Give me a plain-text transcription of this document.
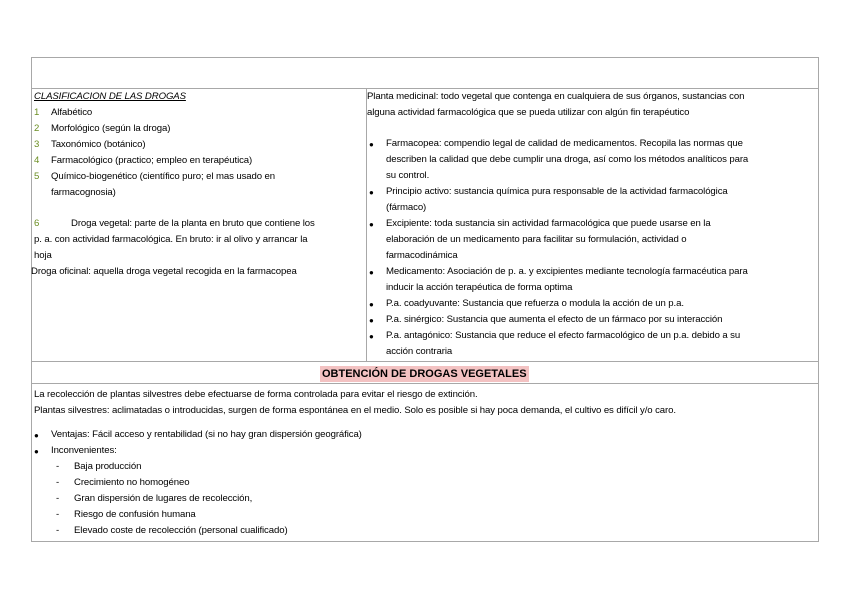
CLASIFICACION DE LAS DROGAS
1 Alfabético
2 Morfológico (según la droga)
3 Taxonómico (botánico)
4 Farmacológico (practico; empleo en terapéutica)
5 Químico-biogenético (científico puro; el mas usado en
farmacognosia)
6	Droga vegetal: parte de la planta en bruto que contiene los
p. a. con actividad farmacológica. En bruto: ir al olivo y arrancar la
hoja
Droga oficinal: aquella droga vegetal recogida en la farmacopea
Planta medicinal: todo vegetal que contenga en cualquiera de sus órganos, sustancias con
alguna actividad farmacológica que se pueda utilizar con algún fin terapéutico
● Farmacopea: compendio legal de calidad de medicamentos. Recopila las normas que
describen la calidad que debe cumplir una droga, así como los métodos analíticos para
su control.
● Principio activo: sustancia química pura responsable de la actividad farmacológica
(fármaco)
● Excipiente: toda sustancia sin actividad farmacológica que puede usarse en la
elaboración de un medicamento para facilitar su formulación, actividad o
farmacodinámica
● Medicamento: Asociación de p. a. y excipientes mediante tecnología farmacéutica para
inducir la acción terapéutica de forma optima
● P.a. coadyuvante: Sustancia que refuerza o modula la acción de un p.a.
● P.a. sinérgico: Sustancia que aumenta el efecto de un fármaco por su interacción
● P.a. antagónico: Sustancia que reduce el efecto farmacológico de un p.a. debido a su
acción contraria
OBTENCIÓN DE DROGAS VEGETALES
La recolección de plantas silvestres debe efectuarse de forma controlada para evitar el riesgo de extinción.
Plantas silvestres: aclimatadas o introducidas, surgen de forma espontánea en el medio. Solo es posible si hay poca demanda, el cultivo es difícil y/o caro.
● Ventajas: Fácil acceso y rentabilidad (si no hay gran dispersión geográfica)
● Inconvenientes:
- Baja producción
- Crecimiento no homogéneo
- Gran dispersión de lugares de recolección,
- Riesgo de confusión humana
- Elevado coste de recolección (personal cualificado)
